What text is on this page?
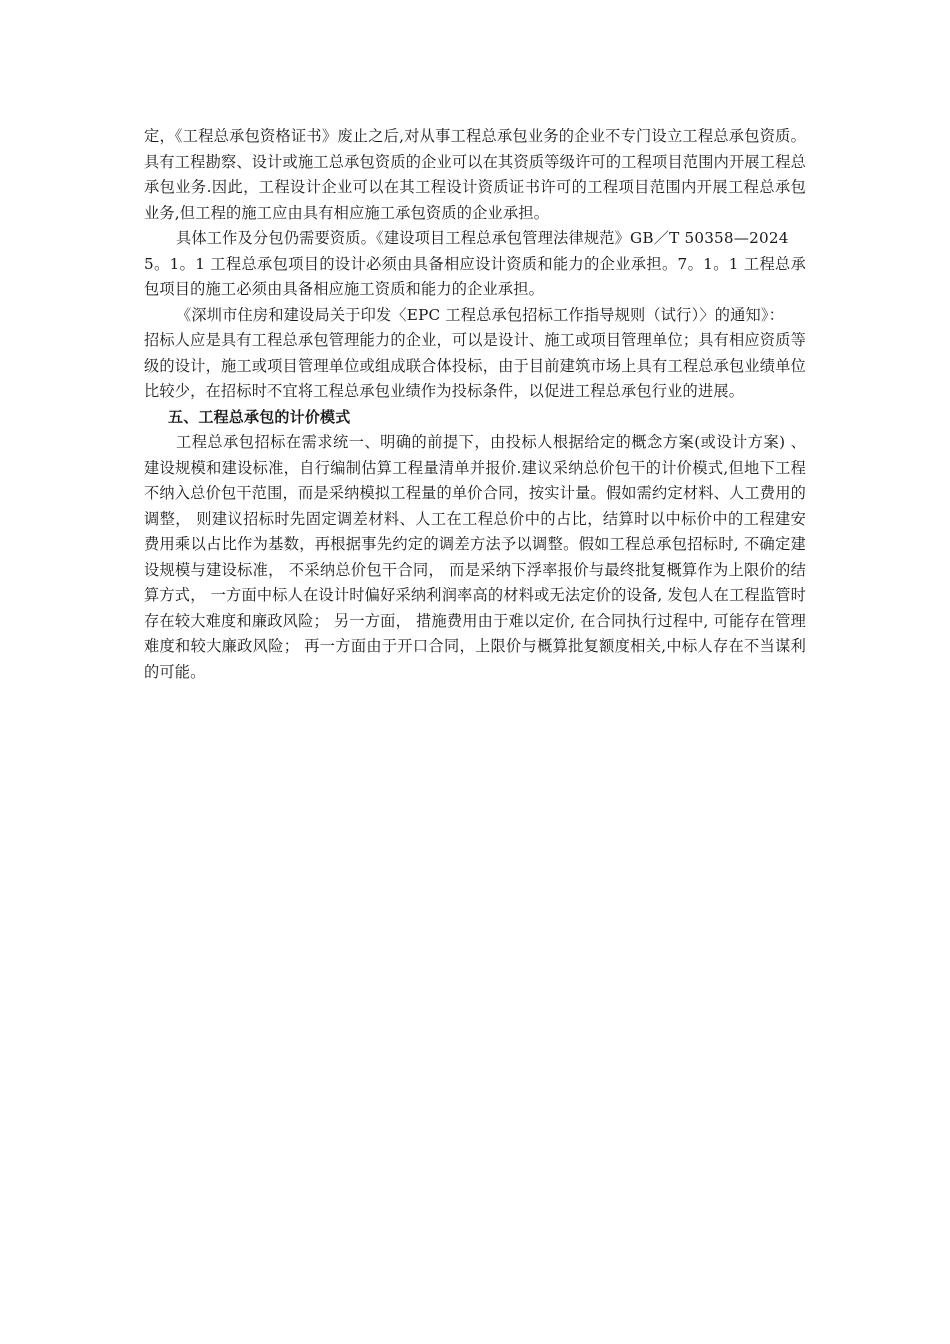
定，《工程总承包资格证书》废止之后,对从事工程总承包业务的企业不专门设立工程总承包资质。具有工程勘察、设计或施工总承包资质的企业可以在其资质等级许可的工程项目范围内开展工程总承包业务.因此，工程设计企业可以在其工程设计资质证书许可的工程项目范围内开展工程总承包业务,但工程的施工应由具有相应施工承包资质的企业承担。

具体工作及分包仍需要资质。《建设项目工程总承包管理法律规范》GB／T 50358—2024

5。1。1 工程总承包项目的设计必须由具备相应设计资质和能力的企业承担。7。1。1 工程总承包项目的施工必须由具备相应施工资质和能力的企业承担。

《深圳市住房和建设局关于印发〈EPC 工程总承包招标工作指导规则（试行）〉的通知》：

招标人应是具有工程总承包管理能力的企业，可以是设计、施工或项目管理单位；具有相应资质等级的设计，施工或项目管理单位或组成联合体投标，由于目前建筑市场上具有工程总承包业绩单位比较少，在招标时不宜将工程总承包业绩作为投标条件，以促进工程总承包行业的进展。

五、工程总承包的计价模式

工程总承包招标在需求统一、明确的前提下，由投标人根据给定的概念方案(或设计方案) 、建设规模和建设标准，自行编制估算工程量清单并报价.建议采纳总价包干的计价模式,但地下工程不纳入总价包干范围，而是采纳模拟工程量的单价合同，按实计量。假如需约定材料、人工费用的调整， 则建议招标时先固定调差材料、人工在工程总价中的占比，结算时以中标价中的工程建安费用乘以占比作为基数，再根据事先约定的调差方法予以调整。假如工程总承包招标时, 不确定建设规模与建设标准， 不采纳总价包干合同， 而是采纳下浮率报价与最终批复概算作为上限价的结算方式， 一方面中标人在设计时偏好采纳利润率高的材料或无法定价的设备, 发包人在工程监管时存在较大难度和廉政风险； 另一方面， 措施费用由于难以定价, 在合同执行过程中, 可能存在管理难度和较大廉政风险； 再一方面由于开口合同，上限价与概算批复额度相关,中标人存在不当谋利的可能。
